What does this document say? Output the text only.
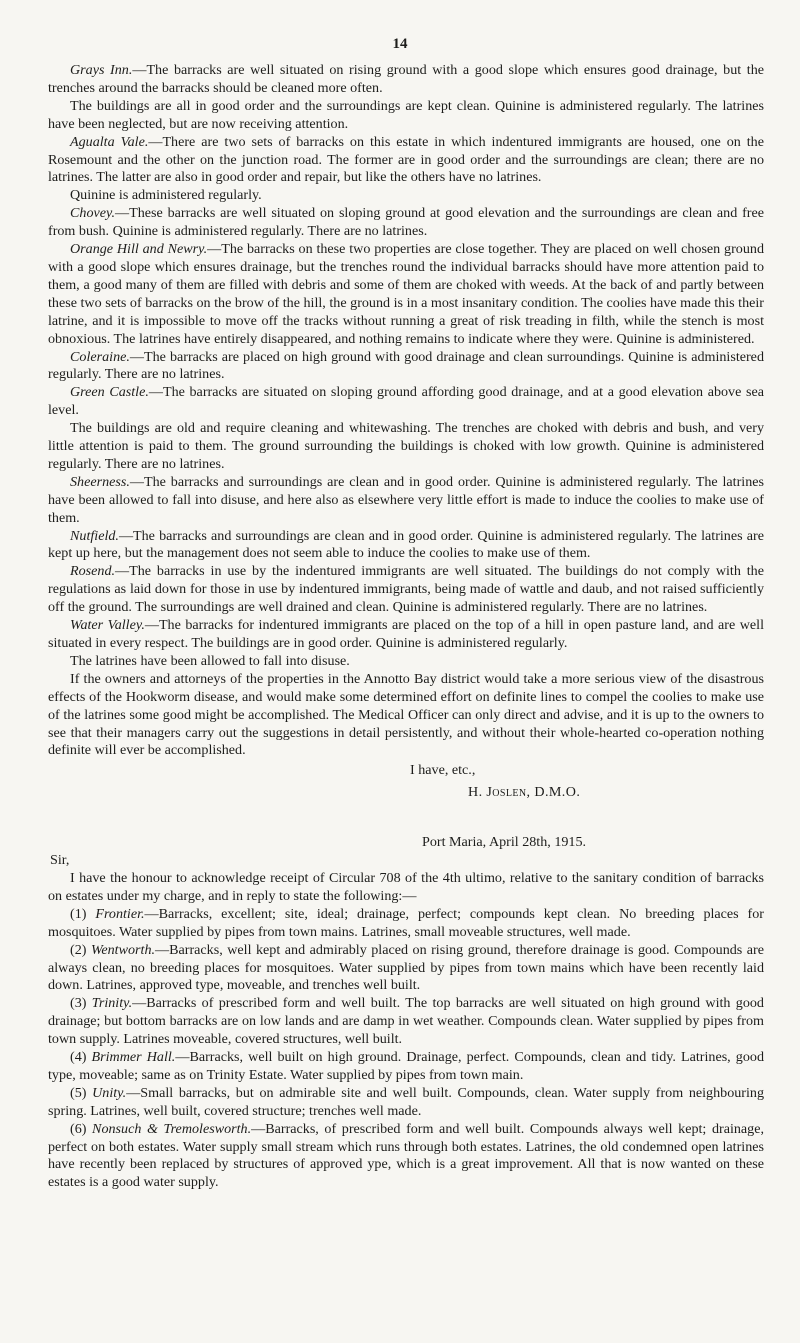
14

Grays Inn.—The barracks are well situated on rising ground with a good slope which ensures good drainage, but the trenches around the barracks should be cleaned more often.

The buildings are all in good order and the surroundings are kept clean. Quinine is administered regularly. The latrines have been neglected, but are now receiving attention.

Agualta Vale.—There are two sets of barracks on this estate in which indentured immigrants are housed, one on the Rosemount and the other on the junction road. The former are in good order and the surroundings are clean; there are no latrines. The latter are also in good order and repair, but like the others have no latrines.

Quinine is administered regularly.

Chovey.—These barracks are well situated on sloping ground at good elevation and the surroundings are clean and free from bush. Quinine is administered regularly. There are no latrines.

Orange Hill and Newry.—The barracks on these two properties are close together. They are placed on well chosen ground with a good slope which ensures drainage, but the trenches round the individual barracks should have more attention paid to them, a good many of them are filled with debris and some of them are choked with weeds. At the back of and partly between these two sets of barracks on the brow of the hill, the ground is in a most insanitary condition. The coolies have made this their latrine, and it is impossible to move off the tracks without running a great of risk treading in filth, while the stench is most obnoxious. The latrines have entirely disappeared, and nothing remains to indicate where they were. Quinine is administered.

Coleraine.—The barracks are placed on high ground with good drainage and clean surroundings. Quinine is administered regularly. There are no latrines.

Green Castle.—The barracks are situated on sloping ground affording good drainage, and at a good elevation above sea level.

The buildings are old and require cleaning and whitewashing. The trenches are choked with debris and bush, and very little attention is paid to them. The ground surrounding the buildings is choked with low growth. Quinine is administered regularly. There are no latrines.

Sheerness.—The barracks and surroundings are clean and in good order. Quinine is administered regularly. The latrines have been allowed to fall into disuse, and here also as elsewhere very little effort is made to induce the coolies to make use of them.

Nutfield.—The barracks and surroundings are clean and in good order. Quinine is administered regularly. The latrines are kept up here, but the management does not seem able to induce the coolies to make use of them.

Rosend.—The barracks in use by the indentured immigrants are well situated. The buildings do not comply with the regulations as laid down for those in use by indentured immigrants, being made of wattle and daub, and not raised sufficiently off the ground. The surroundings are well drained and clean. Quinine is administered regularly. There are no latrines.

Water Valley.—The barracks for indentured immigrants are placed on the top of a hill in open pasture land, and are well situated in every respect. The buildings are in good order. Quinine is administered regularly.

The latrines have been allowed to fall into disuse.

If the owners and attorneys of the properties in the Annotto Bay district would take a more serious view of the disastrous effects of the Hookworm disease, and would make some determined effort on definite lines to compel the coolies to make use of the latrines some good might be accomplished. The Medical Officer can only direct and advise, and it is up to the owners to see that their managers carry out the suggestions in detail persistently, and without their whole-hearted co-operation nothing definite will ever be accomplished.

I have, etc.,

H. Joslen, D.M.O.

Port Maria, April 28th, 1915.

Sir,

I have the honour to acknowledge receipt of Circular 708 of the 4th ultimo, relative to the sanitary condition of barracks on estates under my charge, and in reply to state the following:—

(1) Frontier.—Barracks, excellent; site, ideal; drainage, perfect; compounds kept clean. No breeding places for mosquitoes. Water supplied by pipes from town mains. Latrines, small moveable structures, well made.

(2) Wentworth.—Barracks, well kept and admirably placed on rising ground, therefore drainage is good. Compounds are always clean, no breeding places for mosquitoes. Water supplied by pipes from town mains which have been recently laid down. Latrines, approved type, moveable, and trenches well built.

(3) Trinity.—Barracks of prescribed form and well built. The top barracks are well situated on high ground with good drainage; but bottom barracks are on low lands and are damp in wet weather. Compounds clean. Water supplied by pipes from town supply. Latrines moveable, covered structures, well built.

(4) Brimmer Hall.—Barracks, well built on high ground. Drainage, perfect. Compounds, clean and tidy. Latrines, good type, moveable; same as on Trinity Estate. Water supplied by pipes from town main.

(5) Unity.—Small barracks, but on admirable site and well built. Compounds, clean. Water supply from neighbouring spring. Latrines, well built, covered structure; trenches well made.

(6) Nonsuch & Tremolesworth.—Barracks, of prescribed form and well built. Compounds always well kept; drainage, perfect on both estates. Water supply small stream which runs through both estates. Latrines, the old condemned open latrines have recently been replaced by structures of approved ype, which is a great improvement. All that is now wanted on these estates is a good water supply.
